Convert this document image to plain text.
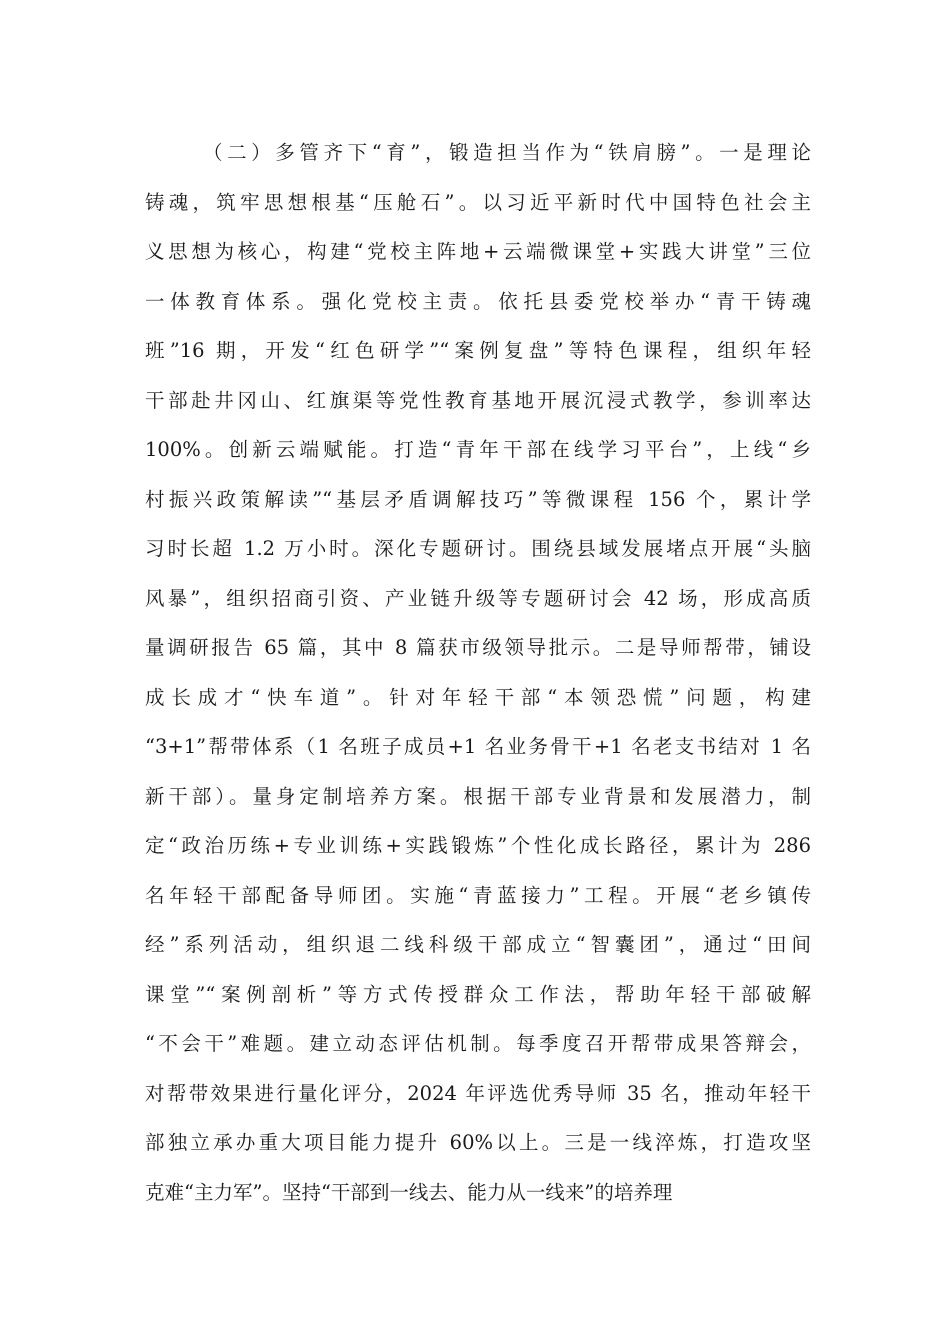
（二）多管齐下“育”，锻造担当作为“铁肩膀”。一是理论
铸魂，筑牢思想根基“压舱石”。以习近平新时代中国特色社会主
义思想为核心，构建“党校主阵地+云端微课堂+实践大讲堂”三位
一体教育体系。强化党校主责。依托县委党校举办“青干铸魂
班”16 期，开发“红色研学”“案例复盘”等特色课程，组织年轻
干部赴井冈山、红旗渠等党性教育基地开展沉浸式教学，参训率达
100%。创新云端赋能。打造“青年干部在线学习平台”，上线“乡
村振兴政策解读”“基层矛盾调解技巧”等微课程 156 个，累计学
习时长超 1.2 万小时。深化专题研讨。围绕县域发展堵点开展“头脑
风暴”，组织招商引资、产业链升级等专题研讨会 42 场，形成高质
量调研报告 65 篇，其中 8 篇获市级领导批示。二是导师帮带，铺设
成长成才“快车道”。针对年轻干部“本领恐慌”问题，构建
“3+1”帮带体系（1 名班子成员+1 名业务骨干+1 名老支书结对 1 名
新干部）。量身定制培养方案。根据干部专业背景和发展潜力，制
定“政治历练+专业训练+实践锻炼”个性化成长路径，累计为 286
名年轻干部配备导师团。实施“青蓝接力”工程。开展“老乡镇传
经”系列活动，组织退二线科级干部成立“智囊团”，通过“田间
课堂”“案例剖析”等方式传授群众工作法，帮助年轻干部破解
“不会干”难题。建立动态评估机制。每季度召开帮带成果答辩会，
对帮带效果进行量化评分，2024 年评选优秀导师 35 名，推动年轻干
部独立承办重大项目能力提升 60%以上。三是一线淬炼，打造攻坚
克难“主力军”。坚持“干部到一线去、能力从一线来”的培养理
